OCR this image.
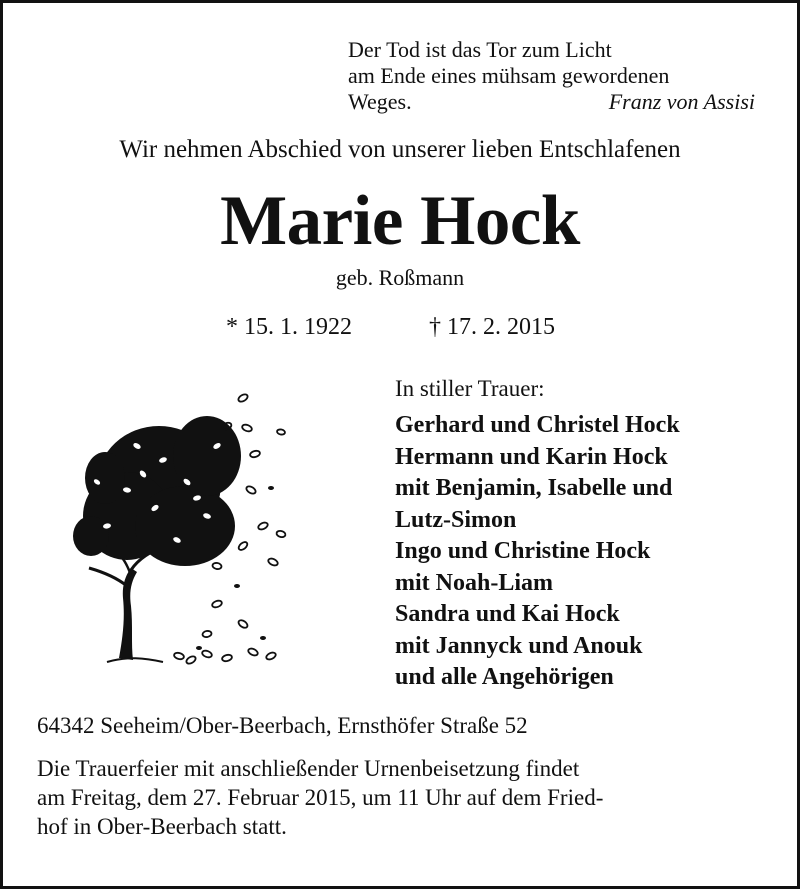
Der Tod ist das Tor zum Licht
am Ende eines mühsam gewordenen
Weges.	Franz von Assisi
Wir nehmen Abschied von unserer lieben Entschlafenen
Marie Hock
geb. Roßmann
* 15. 1. 1922	† 17. 2. 2015
In stiller Trauer:
Gerhard und Christel Hock
Hermann und Karin Hock
mit Benjamin, Isabelle und
Lutz-Simon
Ingo und Christine Hock
mit Noah-Liam
Sandra und Kai Hock
mit Jannyck und Anouk
und alle Angehörigen
64342 Seeheim/Ober-Beerbach, Ernsthöfer Straße 52
Die Trauerfeier mit anschließender Urnenbeisetzung findet
am Freitag, dem 27. Februar 2015, um 11 Uhr auf dem Fried-
hof in Ober-Beerbach statt.
